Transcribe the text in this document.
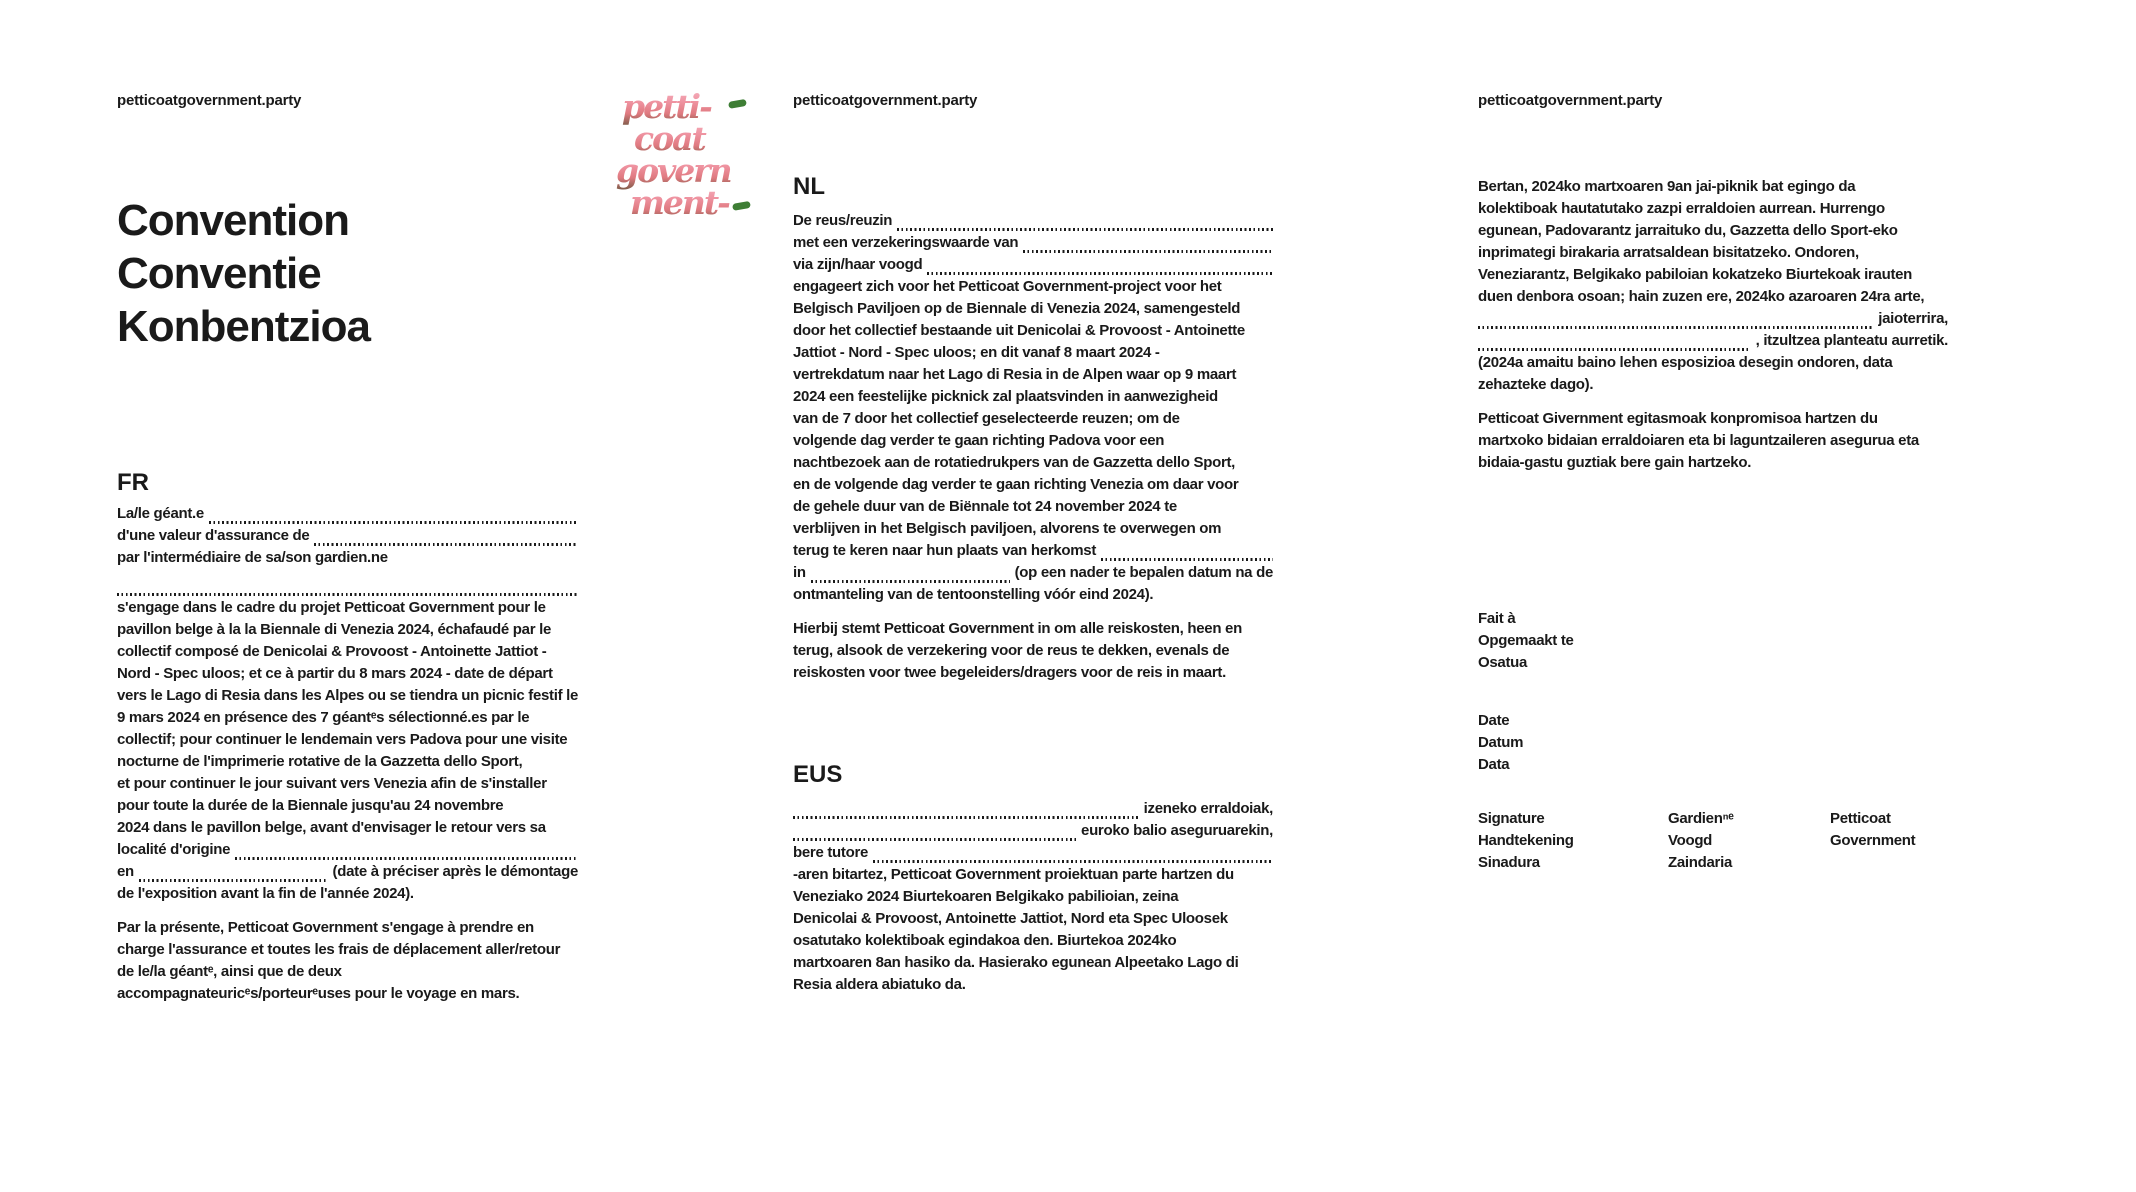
petticoatgovernment.party
Convention
Conventie
Konbentzioa
FR
La/le géant.e
d'une valeur d'assurance de
par l'intermédiaire de sa/son gardien.ne
s'engage dans le cadre du projet Petticoat Government pour le
pavillon belge à la la Biennale di Venezia 2024, échafaudé par le
collectif composé de Denicolai & Provoost - Antoinette Jattiot -
Nord - Spec uloos; et ce à partir du 8 mars 2024 - date de départ
vers le Lago di Resia dans les Alpes ou se tiendra un picnic festif le
9 mars 2024 en présence des 7 géantᵉs sélectionné.es par le
collectif; pour continuer le lendemain vers Padova pour une visite
nocturne de l'imprimerie rotative de la Gazzetta dello Sport,
et pour continuer le jour suivant vers Venezia afin de s'installer
pour toute la durée de la Biennale jusqu'au 24 novembre
2024 dans le pavillon belge, avant d'envisager le retour vers sa
localité d'origine
en	(date à préciser après le démontage
de l'exposition avant la fin de l'année 2024).
Par la présente, Petticoat Government s'engage à prendre en
charge l'assurance et toutes les frais de déplacement aller/retour
de le/la géantᵉ, ainsi que de deux
accompagnateuricᵉs/porteurᵉuses pour le voyage en mars.
petti-
coat
govern
ment-
petticoatgovernment.party
NL
De reus/reuzin
met een verzekeringswaarde van
via zijn/haar voogd
engageert zich voor het Petticoat Government-project voor het
Belgisch Paviljoen op de Biennale di Venezia 2024, samengesteld
door het collectief bestaande uit Denicolai & Provoost - Antoinette
Jattiot - Nord - Spec uloos; en dit vanaf 8 maart 2024 -
vertrekdatum naar het Lago di Resia in de Alpen waar op 9 maart
2024 een feestelijke picknick zal plaatsvinden in aanwezigheid
van de 7 door het collectief geselecteerde reuzen; om de
volgende dag verder te gaan richting Padova voor een
nachtbezoek aan de rotatiedrukpers van de Gazzetta dello Sport,
en de volgende dag verder te gaan richting Venezia om daar voor
de gehele duur van de Biënnale tot 24 november 2024 te
verblijven in het Belgisch paviljoen, alvorens te overwegen om
terug te keren naar hun plaats van herkomst
in	(op een nader te bepalen datum na de
ontmanteling van de tentoonstelling vóór eind 2024).
Hierbij stemt Petticoat Government in om alle reiskosten, heen en
terug, alsook de verzekering voor de reus te dekken, evenals de
reiskosten voor twee begeleiders/dragers voor de reis in maart.
EUS
izeneko erraldoiak,
euroko balio aseguruarekin,
bere tutore
-aren bitartez, Petticoat Government proiektuan parte hartzen du
Veneziako 2024 Biurtekoaren Belgikako pabilioian, zeina
Denicolai & Provoost, Antoinette Jattiot, Nord eta Spec Uloosek
osatutako kolektiboak egindakoa den. Biurtekoa 2024ko
martxoaren 8an hasiko da. Hasierako egunean Alpeetako Lago di
Resia aldera abiatuko da.
petticoatgovernment.party
Bertan, 2024ko martxoaren 9an jai-piknik bat egingo da
kolektiboak hautatutako zazpi erraldoien aurrean. Hurrengo
egunean, Padovarantz jarraituko du, Gazzetta dello Sport-eko
inprimategi birakaria arratsaldean bisitatzeko. Ondoren,
Veneziarantz, Belgikako pabiloian kokatzeko Biurtekoak irauten
duen denbora osoan; hain zuzen ere, 2024ko azaroaren 24ra arte,
jaioterrira,
, itzultzea planteatu aurretik.
(2024a amaitu baino lehen esposizioa desegin ondoren, data
zehazteke dago).
Petticoat Givernment egitasmoak konpromisoa hartzen du
martxoko bidaian erraldoiaren eta bi laguntzaileren asegurua eta
bidaia-gastu guztiak bere gain hartzeko.
Fait à
Opgemaakt te
Osatua
Date
Datum
Data
Signature
Handtekening
Sinadura
Gardienⁿᵉ
Voogd
Zaindaria
Petticoat
Government
